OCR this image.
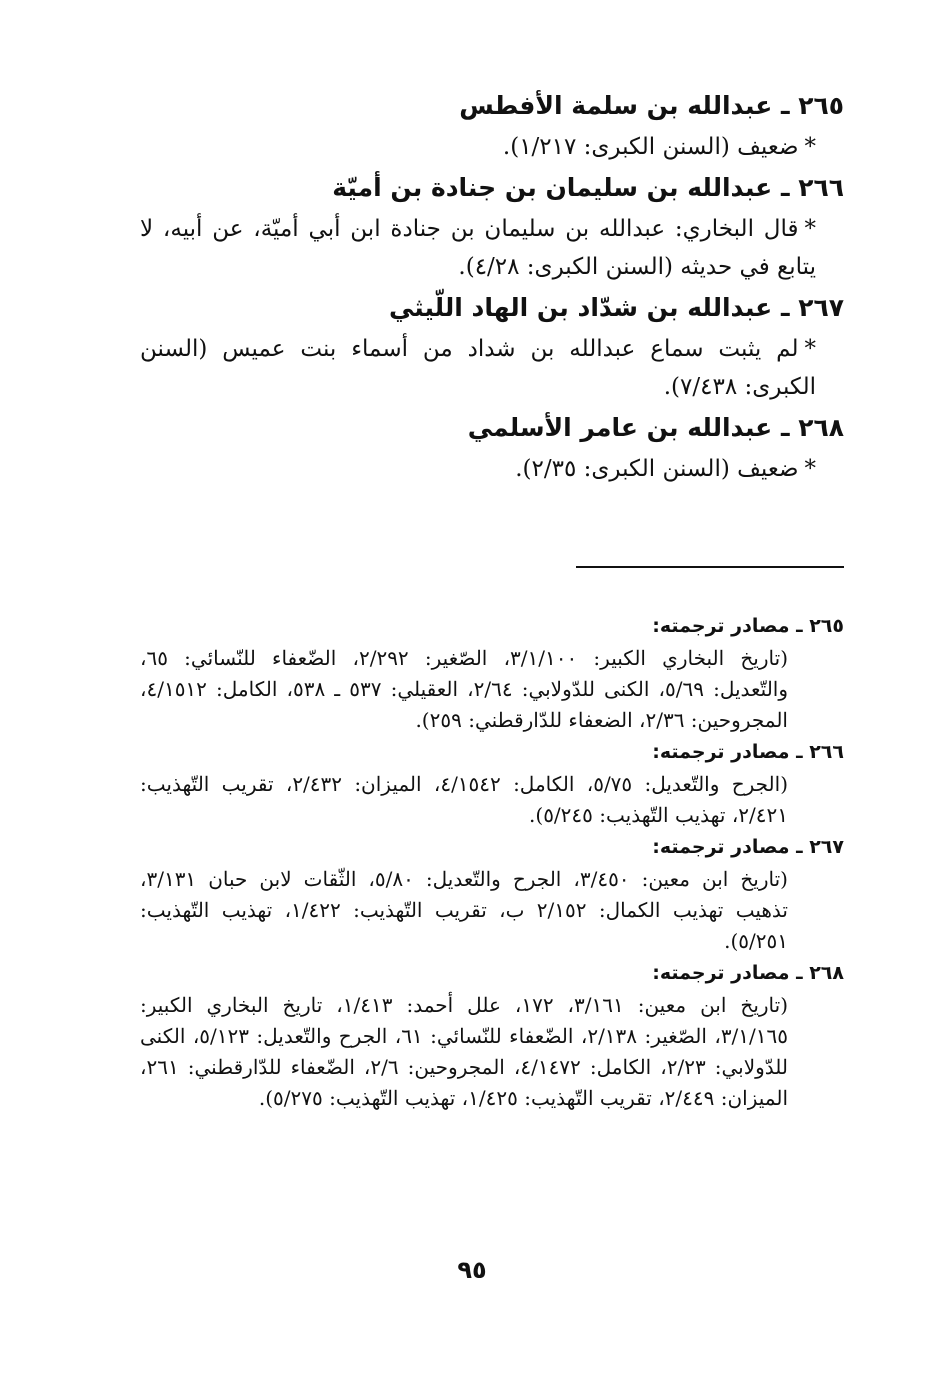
٢٦٥ ـ عبدالله بن سلمة الأفطس
*ضعيف (السنن الكبرى: ١/٢١٧).
٢٦٦ ـ عبدالله بن سليمان بن جنادة بن أميّة
*قال البخاري: عبدالله بن سليمان بن جنادة ابن أبي أميّة، عن أبيه، لا يتابع في حديثه (السنن الكبرى: ٤/٢٨).
٢٦٧ ـ عبدالله بن شدّاد بن الهاد اللّيثي
*لم يثبت سماع عبدالله بن شداد من أسماء بنت عميس (السنن الكبرى: ٧/٤٣٨).
٢٦٨ ـ عبدالله بن عامر الأسلمي
*ضعيف (السنن الكبرى: ٢/٣٥).
٢٦٥ ـ مصادر ترجمته:
(تاريخ البخاري الكبير: ٣/١/١٠٠، الصّغير: ٢/٢٩٢، الضّعفاء للنّسائي: ٦٥، والتّعديل: ٥/٦٩، الكنى للدّولابي: ٢/٦٤، العقيلي: ٥٣٧ ـ ٥٣٨، الكامل: ٤/١٥١٢، المجروحين: ٢/٣٦، الضعفاء للدّارقطني: ٢٥٩).
٢٦٦ ـ مصادر ترجمته:
(الجرح والتّعديل: ٥/٧٥، الكامل: ٤/١٥٤٢، الميزان: ٢/٤٣٢، تقريب التّهذيب: ٢/٤٢١، تهذيب التّهذيب: ٥/٢٤٥).
٢٦٧ ـ مصادر ترجمته:
(تاريخ ابن معين: ٣/٤٥٠، الجرح والتّعديل: ٥/٨٠، الثّقات لابن حبان ٣/١٣١، تذهيب تهذيب الكمال: ٢/١٥٢ ب، تقريب التّهذيب: ١/٤٢٢، تهذيب التّهذيب: ٥/٢٥١).
٢٦٨ ـ مصادر ترجمته:
(تاريخ ابن معين: ٣/١٦١، ١٧٢، علل أحمد: ١/٤١٣، تاريخ البخاري الكبير: ٣/١/١٦٥، الصّغير: ٢/١٣٨، الضّعفاء للنّسائي: ٦١، الجرح والتّعديل: ٥/١٢٣، الكنى للدّولابي: ٢/٢٣، الكامل: ٤/١٤٧٢، المجروحين: ٢/٦، الضّعفاء للدّارقطني: ٢٦١، الميزان: ٢/٤٤٩، تقريب التّهذيب: ١/٤٢٥، تهذيب التّهذيب: ٥/٢٧٥).
٩٥
